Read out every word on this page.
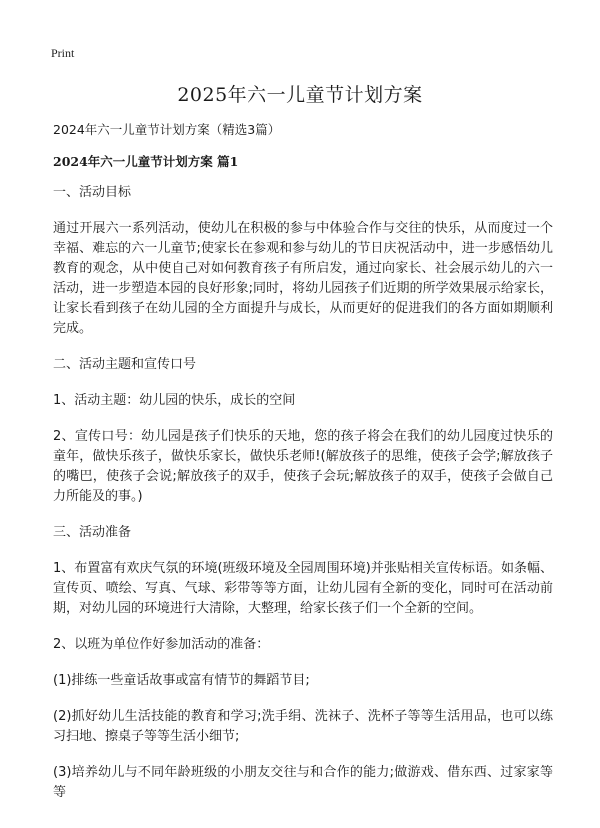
Print
2025年六一儿童节计划方案

2024年六一儿童节计划方案（精选3篇）

2024年六一儿童节计划方案 篇1

一、活动目标

通过开展六一系列活动，使幼儿在积极的参与中体验合作与交往的快乐，从而度过一个幸福、难忘的六一儿童节;使家长在参观和参与幼儿的节日庆祝活动中，进一步感悟幼儿教育的观念，从中使自己对如何教育孩子有所启发，通过向家长、社会展示幼儿的六一活动，进一步塑造本园的良好形象;同时，将幼儿园孩子们近期的所学效果展示给家长，让家长看到孩子在幼儿园的全方面提升与成长，从而更好的促进我们的各方面如期顺利完成。

二、活动主题和宣传口号

1、活动主题：幼儿园的快乐，成长的空间

2、宣传口号：幼儿园是孩子们快乐的天地，您的孩子将会在我们的幼儿园度过快乐的童年，做快乐孩子，做快乐家长，做快乐老师!(解放孩子的思维，使孩子会学;解放孩子的嘴巴，使孩子会说;解放孩子的双手，使孩子会玩;解放孩子的双手，使孩子会做自己力所能及的事。)

三、活动准备

1、布置富有欢庆气氛的环境(班级环境及全园周围环境)并张贴相关宣传标语。如条幅、宣传页、喷绘、写真、气球、彩带等等方面，让幼儿园有全新的变化，同时可在活动前期，对幼儿园的环境进行大清除，大整理，给家长孩子们一个全新的空间。

2、以班为单位作好参加活动的准备：

(1)排练一些童话故事或富有情节的舞蹈节目;

(2)抓好幼儿生活技能的教育和学习;洗手绢、洗袜子、洗杯子等等生活用品，也可以练习扫地、擦桌子等等生活小细节;

(3)培养幼儿与不同年龄班级的小朋友交往与和合作的能力;做游戏、借东西、过家家等等
